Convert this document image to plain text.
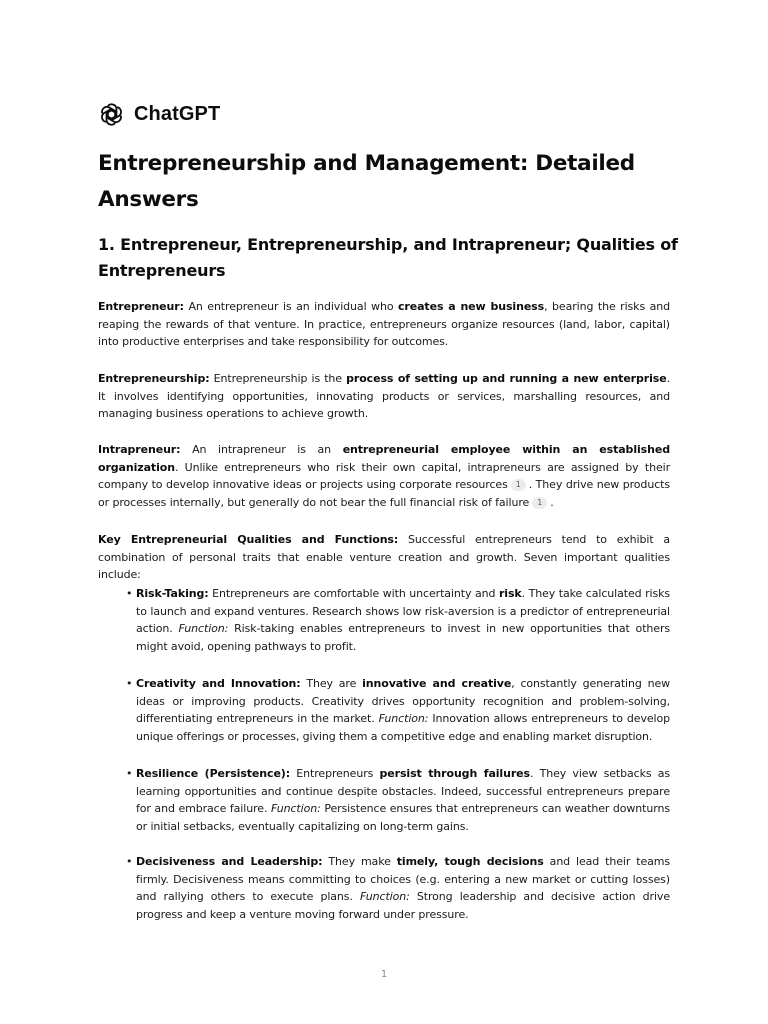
ChatGPT
Entrepreneurship and Management: Detailed Answers
1. Entrepreneur, Entrepreneurship, and Intrapreneur; Qualities of Entrepreneurs

Entrepreneur: An entrepreneur is an individual who creates a new business, bearing the risks and reaping the rewards of that venture. In practice, entrepreneurs organize resources (land, labor, capital) into productive enterprises and take responsibility for outcomes.

Entrepreneurship: Entrepreneurship is the process of setting up and running a new enterprise. It involves identifying opportunities, innovating products or services, marshalling resources, and managing business operations to achieve growth.

Intrapreneur: An intrapreneur is an entrepreneurial employee within an established organization. Unlike entrepreneurs who risk their own capital, intrapreneurs are assigned by their company to develop innovative ideas or projects using corporate resources 1 . They drive new products or processes internally, but generally do not bear the full financial risk of failure 1 .

Key Entrepreneurial Qualities and Functions: Successful entrepreneurs tend to exhibit a combination of personal traits that enable venture creation and growth. Seven important qualities include:

• Risk-Taking: Entrepreneurs are comfortable with uncertainty and risk. They take calculated risks to launch and expand ventures. Research shows low risk-aversion is a predictor of entrepreneurial action. Function: Risk-taking enables entrepreneurs to invest in new opportunities that others might avoid, opening pathways to profit.
• Creativity and Innovation: They are innovative and creative, constantly generating new ideas or improving products. Creativity drives opportunity recognition and problem-solving, differentiating entrepreneurs in the market. Function: Innovation allows entrepreneurs to develop unique offerings or processes, giving them a competitive edge and enabling market disruption.
• Resilience (Persistence): Entrepreneurs persist through failures. They view setbacks as learning opportunities and continue despite obstacles. Indeed, successful entrepreneurs prepare for and embrace failure. Function: Persistence ensures that entrepreneurs can weather downturns or initial setbacks, eventually capitalizing on long-term gains.
• Decisiveness and Leadership: They make timely, tough decisions and lead their teams firmly. Decisiveness means committing to choices (e.g. entering a new market or cutting losses) and rallying others to execute plans. Function: Strong leadership and decisive action drive progress and keep a venture moving forward under pressure.
1
